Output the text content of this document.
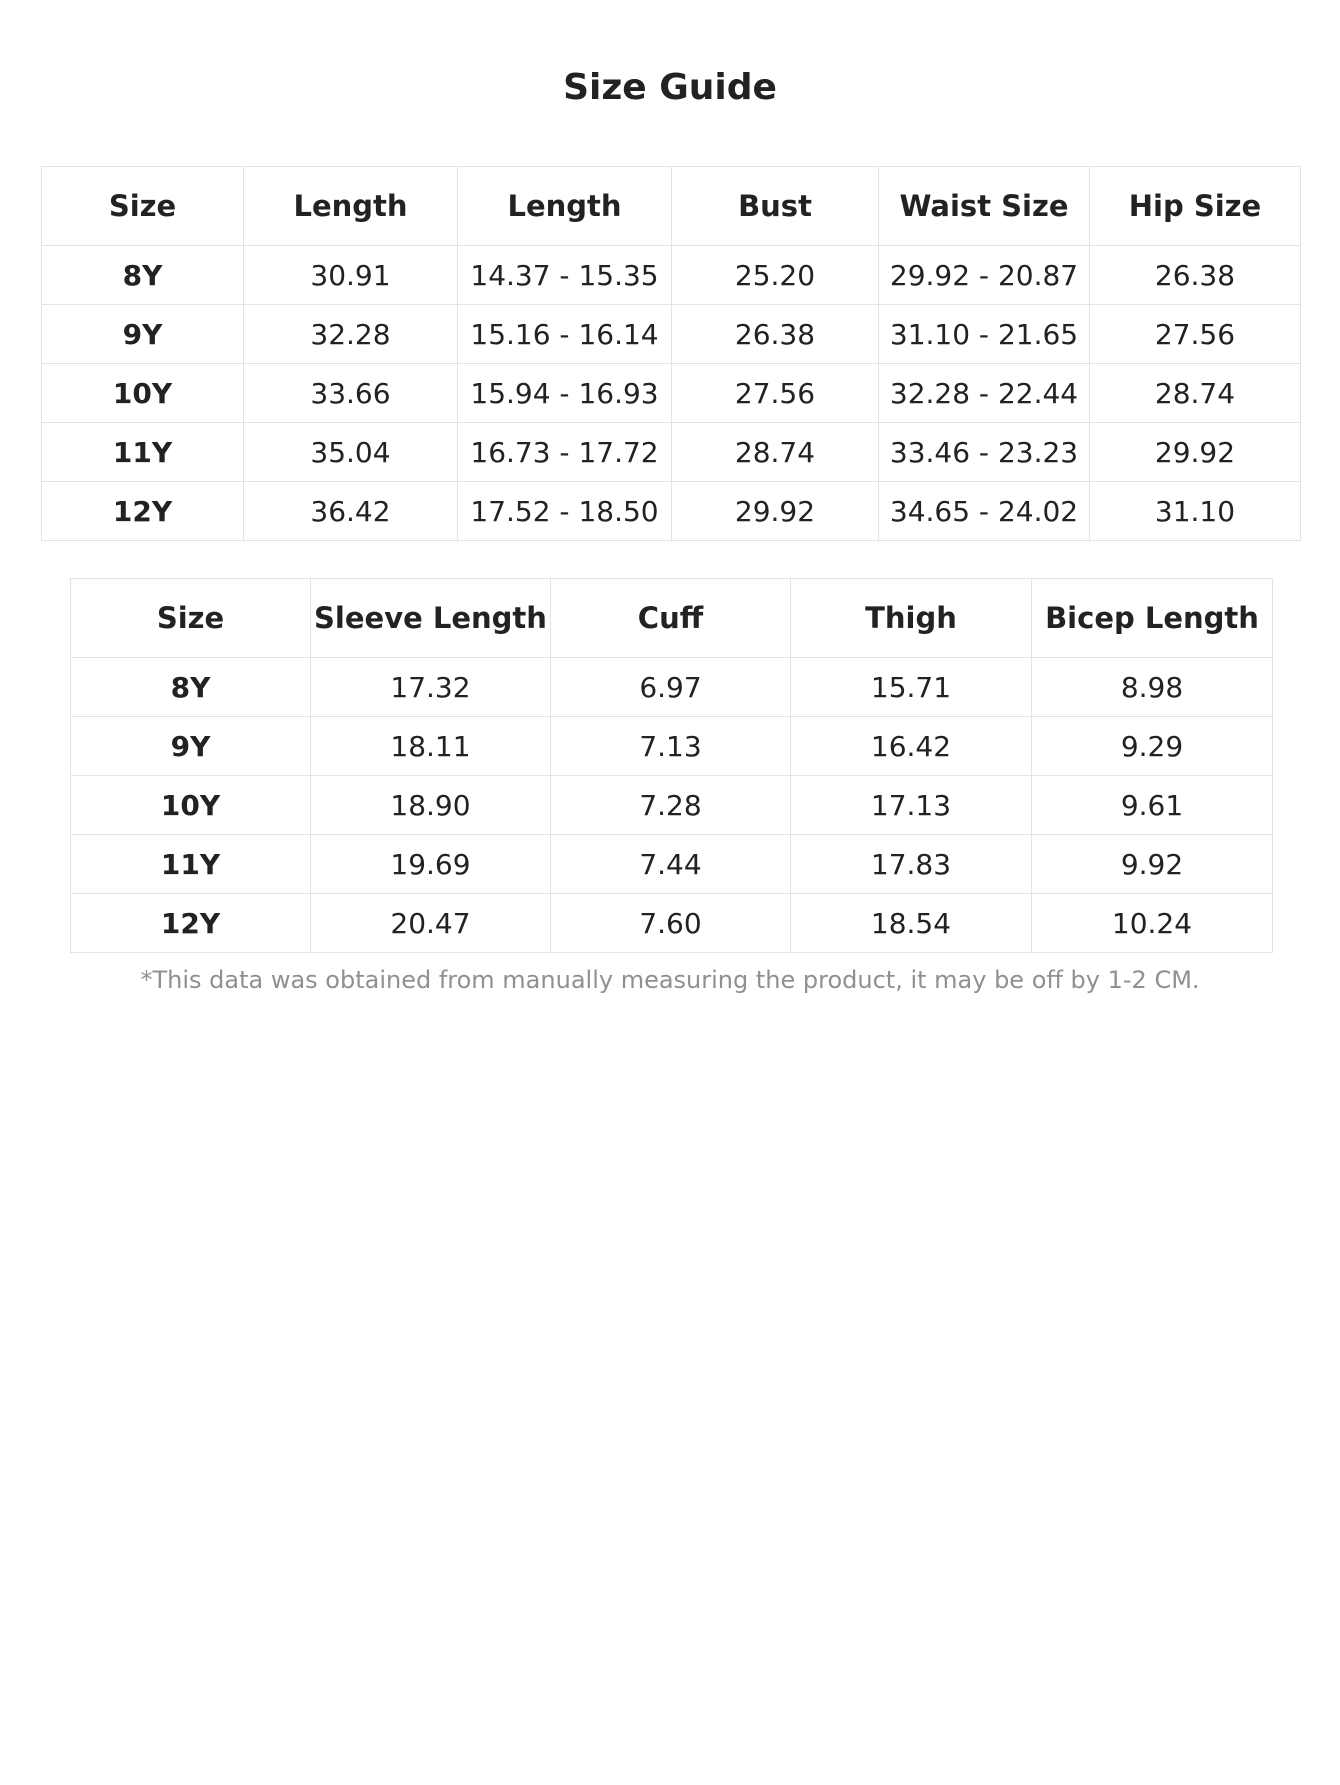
Size Guide
Size	Length	Length	Bust	Waist Size	Hip Size
8Y	30.91	14.37 - 15.35	25.20	29.92 - 20.87	26.38
9Y	32.28	15.16 - 16.14	26.38	31.10 - 21.65	27.56
10Y	33.66	15.94 - 16.93	27.56	32.28 - 22.44	28.74
11Y	35.04	16.73 - 17.72	28.74	33.46 - 23.23	29.92
12Y	36.42	17.52 - 18.50	29.92	34.65 - 24.02	31.10
Size	Sleeve Length	Cuff	Thigh	Bicep Length
8Y	17.32	6.97	15.71	8.98
9Y	18.11	7.13	16.42	9.29
10Y	18.90	7.28	17.13	9.61
11Y	19.69	7.44	17.83	9.92
12Y	20.47	7.60	18.54	10.24
*This data was obtained from manually measuring the product, it may be off by 1-2 CM.
